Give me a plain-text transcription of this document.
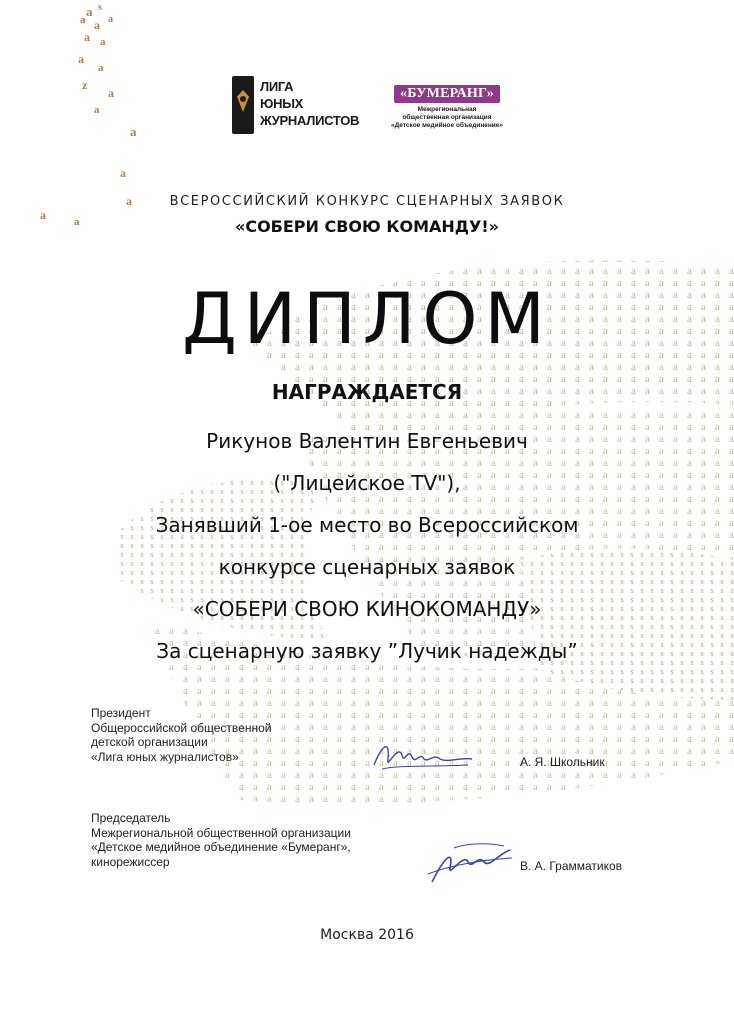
a s
a a a
a a
a
a
z
a
a
a
a
a
a	a
ЛИГА
ЮНЫХ
ЖУРНАЛИСТОВ
«БУМЕРАНГ»
Межрегиональная
общественная организация
«Детское медийное объединение»
ВСЕРОССИЙСКИЙ КОНКУРС СЦЕНАРНЫХ ЗАЯВОК
«СОБЕРИ СВОЮ КОМАНДУ!»
ДИПЛОМ
НАГРАЖДАЕТСЯ
Рикунов Валентин Евгеньевич
("Лицейское TV"),
Занявший 1-ое место во Всероссийском
конкурсе сценарных заявок
«СОБЕРИ СВОЮ КИНОКОМАНДУ»
За сценарную заявку ”Лучик надежды”
Президент
Общероссийской общественной
детской организации
«Лига юных журналистов»	А. Я. Школьник
Председатель
Межрегиональной общественной организации
«Детское медийное объединение «Бумеранг»,
кинорежиссер	В. А. Грамматиков
Москва 2016
